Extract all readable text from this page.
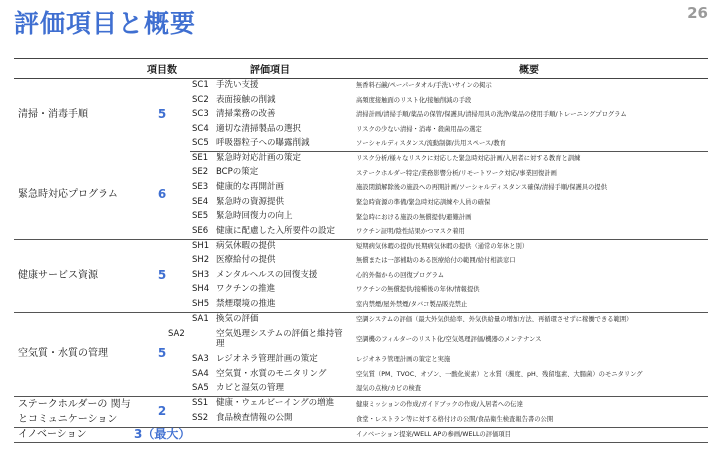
評価項目と概要	26
	項目数	評価項目	概要
清掃・消毒手順	5	SC1 手洗い支援	無香料石鹸/ペーパータオル/手洗いサインの掲示
		SC2 表面接触の削減	高頻度接触面のリスト化/接触削減の手段
		SC3 清掃業務の改善	清掃計画/清掃手順/薬品の保管/保護具/清掃用具の洗浄/薬品の使用手順/トレーニングプログラム
		SC4 適切な清掃製品の選択	リスクの少ない清掃・消毒・殺菌用品の選定
		SC5 呼吸器粒子への曝露削減	ソーシャルディスタンス/流動制御/共用スペース/教育
緊急時対応プログラム	6	SE1 緊急時対応計画の策定	リスク分析/様々なリスクに対応した緊急時対応計画/入居者に対する教育と訓練
		SE2 BCPの策定	ステークホルダー特定/業務影響分析/リモートワーク対応/事業回復計画
		SE3 健康的な再開計画	施設閉鎖解除後の施設への再開計画/ソーシャルディスタンス確保/清掃手順/保護具の提供
		SE4 緊急時の資源提供	緊急時資源の準備/緊急時対応訓練や人員の確保
		SE5 緊急時回復力の向上	緊急時における施設の無償提供/避難計画
		SE6 健康に配慮した入所要件の設定	ワクチン証明/陰性結果かつマスク着用
健康サービス資源	5	SH1 病気休暇の提供	短期病気休暇の提供/長期病気休暇の提供（通常の年休と別）
		SH2 医療給付の提供	無償または一部補助のある医療給付の範囲/給付相談窓口
		SH3 メンタルヘルスの回復支援	心的外傷からの回復プログラム
		SH4 ワクチンの推進	ワクチンの無償提供/接種後の年休/情報提供
		SH5 禁煙環境の推進	室内禁煙/屋外禁煙/タバコ製品販売禁止
空気質・水質の管理	5	SA1 換気の評価	空調システムの評価（最大外気供給率、外気供給量の増加方法、再循環させずに稼働できる範囲）
		SA2 空気処理システムの評価と維持管理	空調機のフィルターのリスト化/空気処理評価/機器のメンテナンス
		SA3 レジオネラ管理計画の策定	レジオネラ管理計画の策定と実施
		SA4 空気質・水質のモニタリング	空気質（PM、TVOC、オゾン、一酸化炭素）と水質（濁度、pH、残留塩素、大腸菌）のモニタリング
		SA5 カビと湿気の管理	湿気の点検/カビの検査
ステークホルダーの 関与とコミュニケーション	2	SS1 健康・ウェルビーイングの増進	健康ミッションの作成/ガイドブックの作成/入居者への伝達
		SS2 食品検査情報の公開	食堂・レストラン等に対する格付けの公開/食品衛生検査報告書の公開
イノベーション	3（最大）		イノベーション提案/WELL APの参画/WELLの評価項目
